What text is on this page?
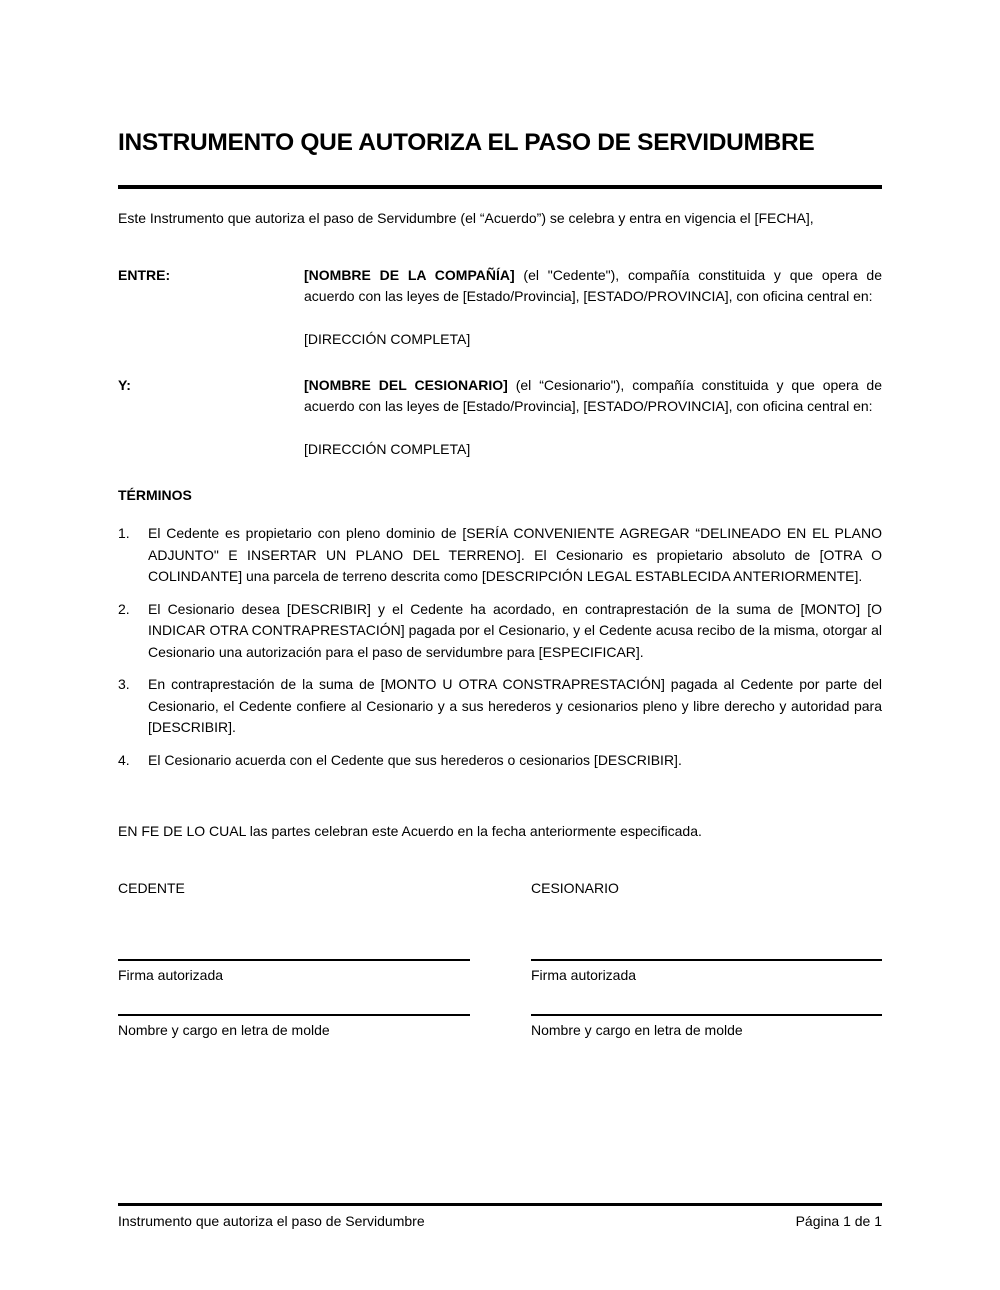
INSTRUMENTO QUE AUTORIZA EL PASO DE SERVIDUMBRE

Este Instrumento que autoriza el paso de Servidumbre (el “Acuerdo”) se celebra y entra en vigencia el [FECHA],

ENTRE:	[NOMBRE DE LA COMPAÑÍA] (el "Cedente"), compañía constituida y que opera de acuerdo con las leyes de [Estado/Provincia], [ESTADO/PROVINCIA], con oficina central en:

[DIRECCIÓN COMPLETA]

Y:	[NOMBRE DEL CESIONARIO] (el “Cesionario"), compañía constituida y que opera de acuerdo con las leyes de [Estado/Provincia], [ESTADO/PROVINCIA], con oficina central en:

[DIRECCIÓN COMPLETA]

TÉRMINOS
1.	El Cedente es propietario con pleno dominio de [SERÍA CONVENIENTE AGREGAR “DELINEADO EN EL PLANO ADJUNTO" E INSERTAR UN PLANO DEL TERRENO]. El Cesionario es propietario absoluto de [OTRA O COLINDANTE] una parcela de terreno descrita como [DESCRIPCIÓN LEGAL ESTABLECIDA ANTERIORMENTE].
2.	El Cesionario desea [DESCRIBIR] y el Cedente ha acordado, en contraprestación de la suma de [MONTO] [O INDICAR OTRA CONTRAPRESTACIÓN] pagada por el Cesionario, y el Cedente acusa recibo de la misma, otorgar al Cesionario una autorización para el paso de servidumbre para [ESPECIFICAR].
3.	En contraprestación de la suma de [MONTO U OTRA CONSTRAPRESTACIÓN] pagada al Cedente por parte del Cesionario, el Cedente confiere al Cesionario y a sus herederos y cesionarios pleno y libre derecho y autoridad para [DESCRIBIR].
4.	El Cesionario acuerda con el Cedente que sus herederos o cesionarios [DESCRIBIR].

EN FE DE LO CUAL las partes celebran este Acuerdo en la fecha anteriormente especificada.

CEDENTE	CESIONARIO
Firma autorizada	Firma autorizada
Nombre y cargo en letra de molde	Nombre y cargo en letra de molde
Instrumento que autoriza el paso de Servidumbre	Página 1 de 1
